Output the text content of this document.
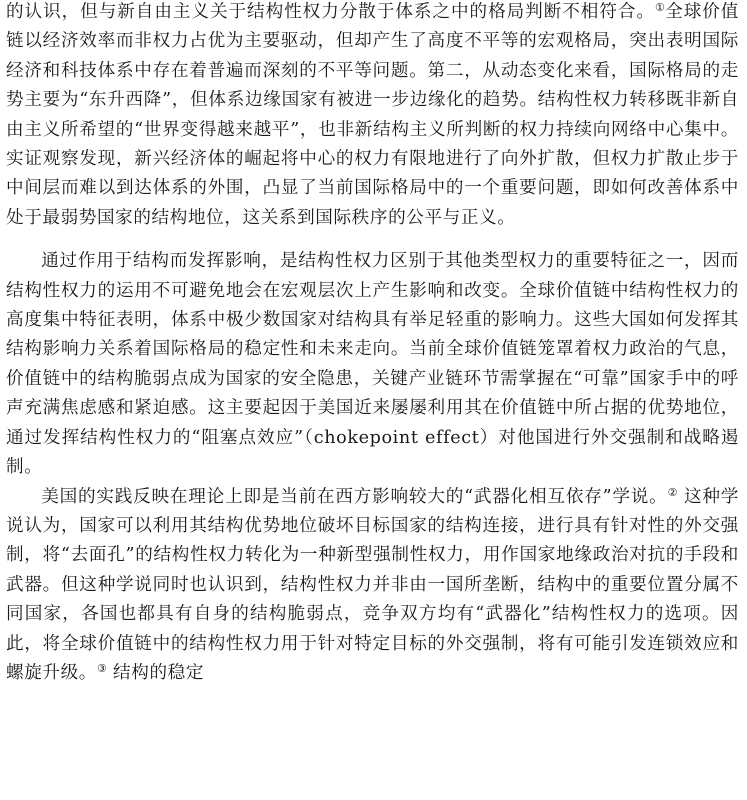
的认识，但与新自由主义关于结构性权力分散于体系之中的格局判断不相符合。①全球价值链以经济效率而非权力占优为主要驱动，但却产生了高度不平等的宏观格局，突出表明国际经济和科技体系中存在着普遍而深刻的不平等问题。第二，从动态变化来看，国际格局的走势主要为“东升西降”，但体系边缘国家有被进一步边缘化的趋势。结构性权力转移既非新自由主义所希望的“世界变得越来越平”，也非新结构主义所判断的权力持续向网络中心集中。实证观察发现，新兴经济体的崛起将中心的权力有限地进行了向外扩散，但权力扩散止步于中间层而难以到达体系的外围，凸显了当前国际格局中的一个重要问题，即如何改善体系中处于最弱势国家的结构地位，这关系到国际秩序的公平与正义。

通过作用于结构而发挥影响，是结构性权力区别于其他类型权力的重要特征之一，因而结构性权力的运用不可避免地会在宏观层次上产生影响和改变。全球价值链中结构性权力的高度集中特征表明，体系中极少数国家对结构具有举足轻重的影响力。这些大国如何发挥其结构影响力关系着国际格局的稳定性和未来走向。当前全球价值链笼罩着权力政治的气息，价值链中的结构脆弱点成为国家的安全隐患，关键产业链环节需掌握在“可靠”国家手中的呼声充满焦虑感和紧迫感。这主要起因于美国近来屡屡利用其在价值链中所占据的优势地位，通过发挥结构性权力的“阻塞点效应”（chokepoint effect）对他国进行外交强制和战略遏制。

美国的实践反映在理论上即是当前在西方影响较大的“武器化相互依存”学说。② 这种学说认为，国家可以利用其结构优势地位破坏目标国家的结构连接，进行具有针对性的外交强制，将“去面孔”的结构性权力转化为一种新型强制性权力，用作国家地缘政治对抗的手段和武器。但这种学说同时也认识到，结构性权力并非由一国所垄断，结构中的重要位置分属不同国家，各国也都具有自身的结构脆弱点，竞争双方均有“武器化”结构性权力的选项。因此，将全球价值链中的结构性权力用于针对特定目标的外交强制，将有可能引发连锁效应和螺旋升级。③ 结构的稳定
